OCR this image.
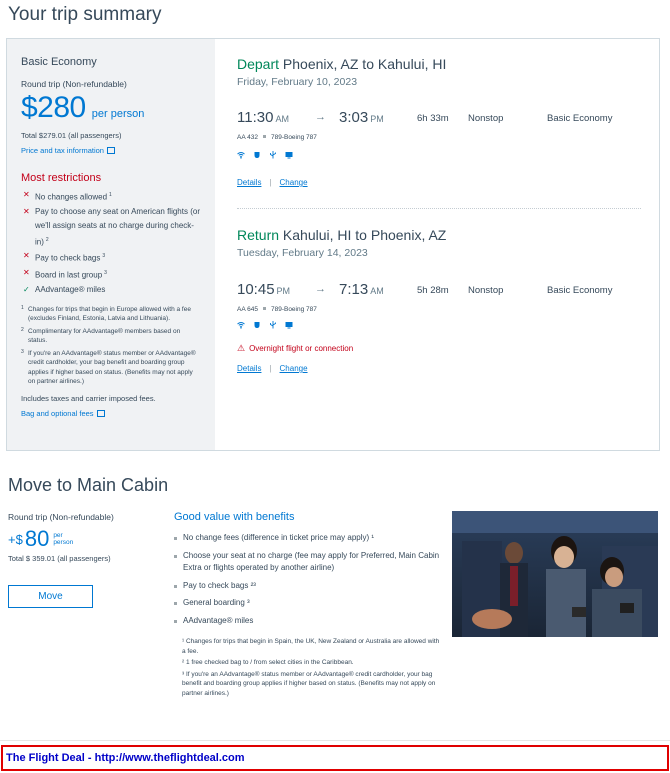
Your trip summary
Basic Economy
Round trip (Non-refundable)
$280 per person
Total $279.01 (all passengers)
Price and tax information
Most restrictions
✕ No changes allowed $^1$
✕ Pay to choose any seat on American flights (or we'll assign seats at no charge during check-in) $^2$
✕ Pay to check bags $^3$
✕ Board in last group $^3$
✓ AAdvantage® miles

1 Changes for trips that begin in Europe allowed with a fee (excludes Finland, Estonia, Latvia and Lithuania).

2 Complimentary for AAdvantage® members based on status.

3 If you're an AAdvantage® status member or AAdvantage® credit cardholder, your bag benefit and boarding group applies if higher based on status. (Benefits may not apply on partner airlines.)

Includes taxes and carrier imposed fees.
Bag and optional fees
Depart Phoenix, AZ to Kahului, HI
Friday, February 10, 2023
11:30 AM → 3:03 PM	6h 33m Nonstop	Basic Economy
AA 432 789-Boeing 787
Details | Change
Return Kahului, HI to Phoenix, AZ
Tuesday, February 14, 2023
10:45 PM → 7:13 AM	5h 28m Nonstop	Basic Economy
AA 645 789-Boeing 787
⚠ Overnight flight or connection
Details | Change
Move to Main Cabin
Round trip (Non-refundable)
+$ 80 per
person
Total $ 359.01 (all passengers)
Move
Good value with benefits
No change fees (difference in ticket price may apply) ¹
Choose your seat at no charge (fee may apply for Preferred, Main Cabin Extra or flights operated by another airline)
Pay to check bags ²³
General boarding ³
AAdvantage® miles

¹ Changes for trips that begin in Spain, the UK, New Zealand or Australia are allowed with a fee.

² 1 free checked bag to / from select cities in the Caribbean.

³ If you're an AAdvantage® status member or AAdvantage® credit cardholder, your bag benefit and boarding group applies if higher based on status. (Benefits may not apply on partner airlines.)

The Flight Deal - http://www.theflightdeal.com
